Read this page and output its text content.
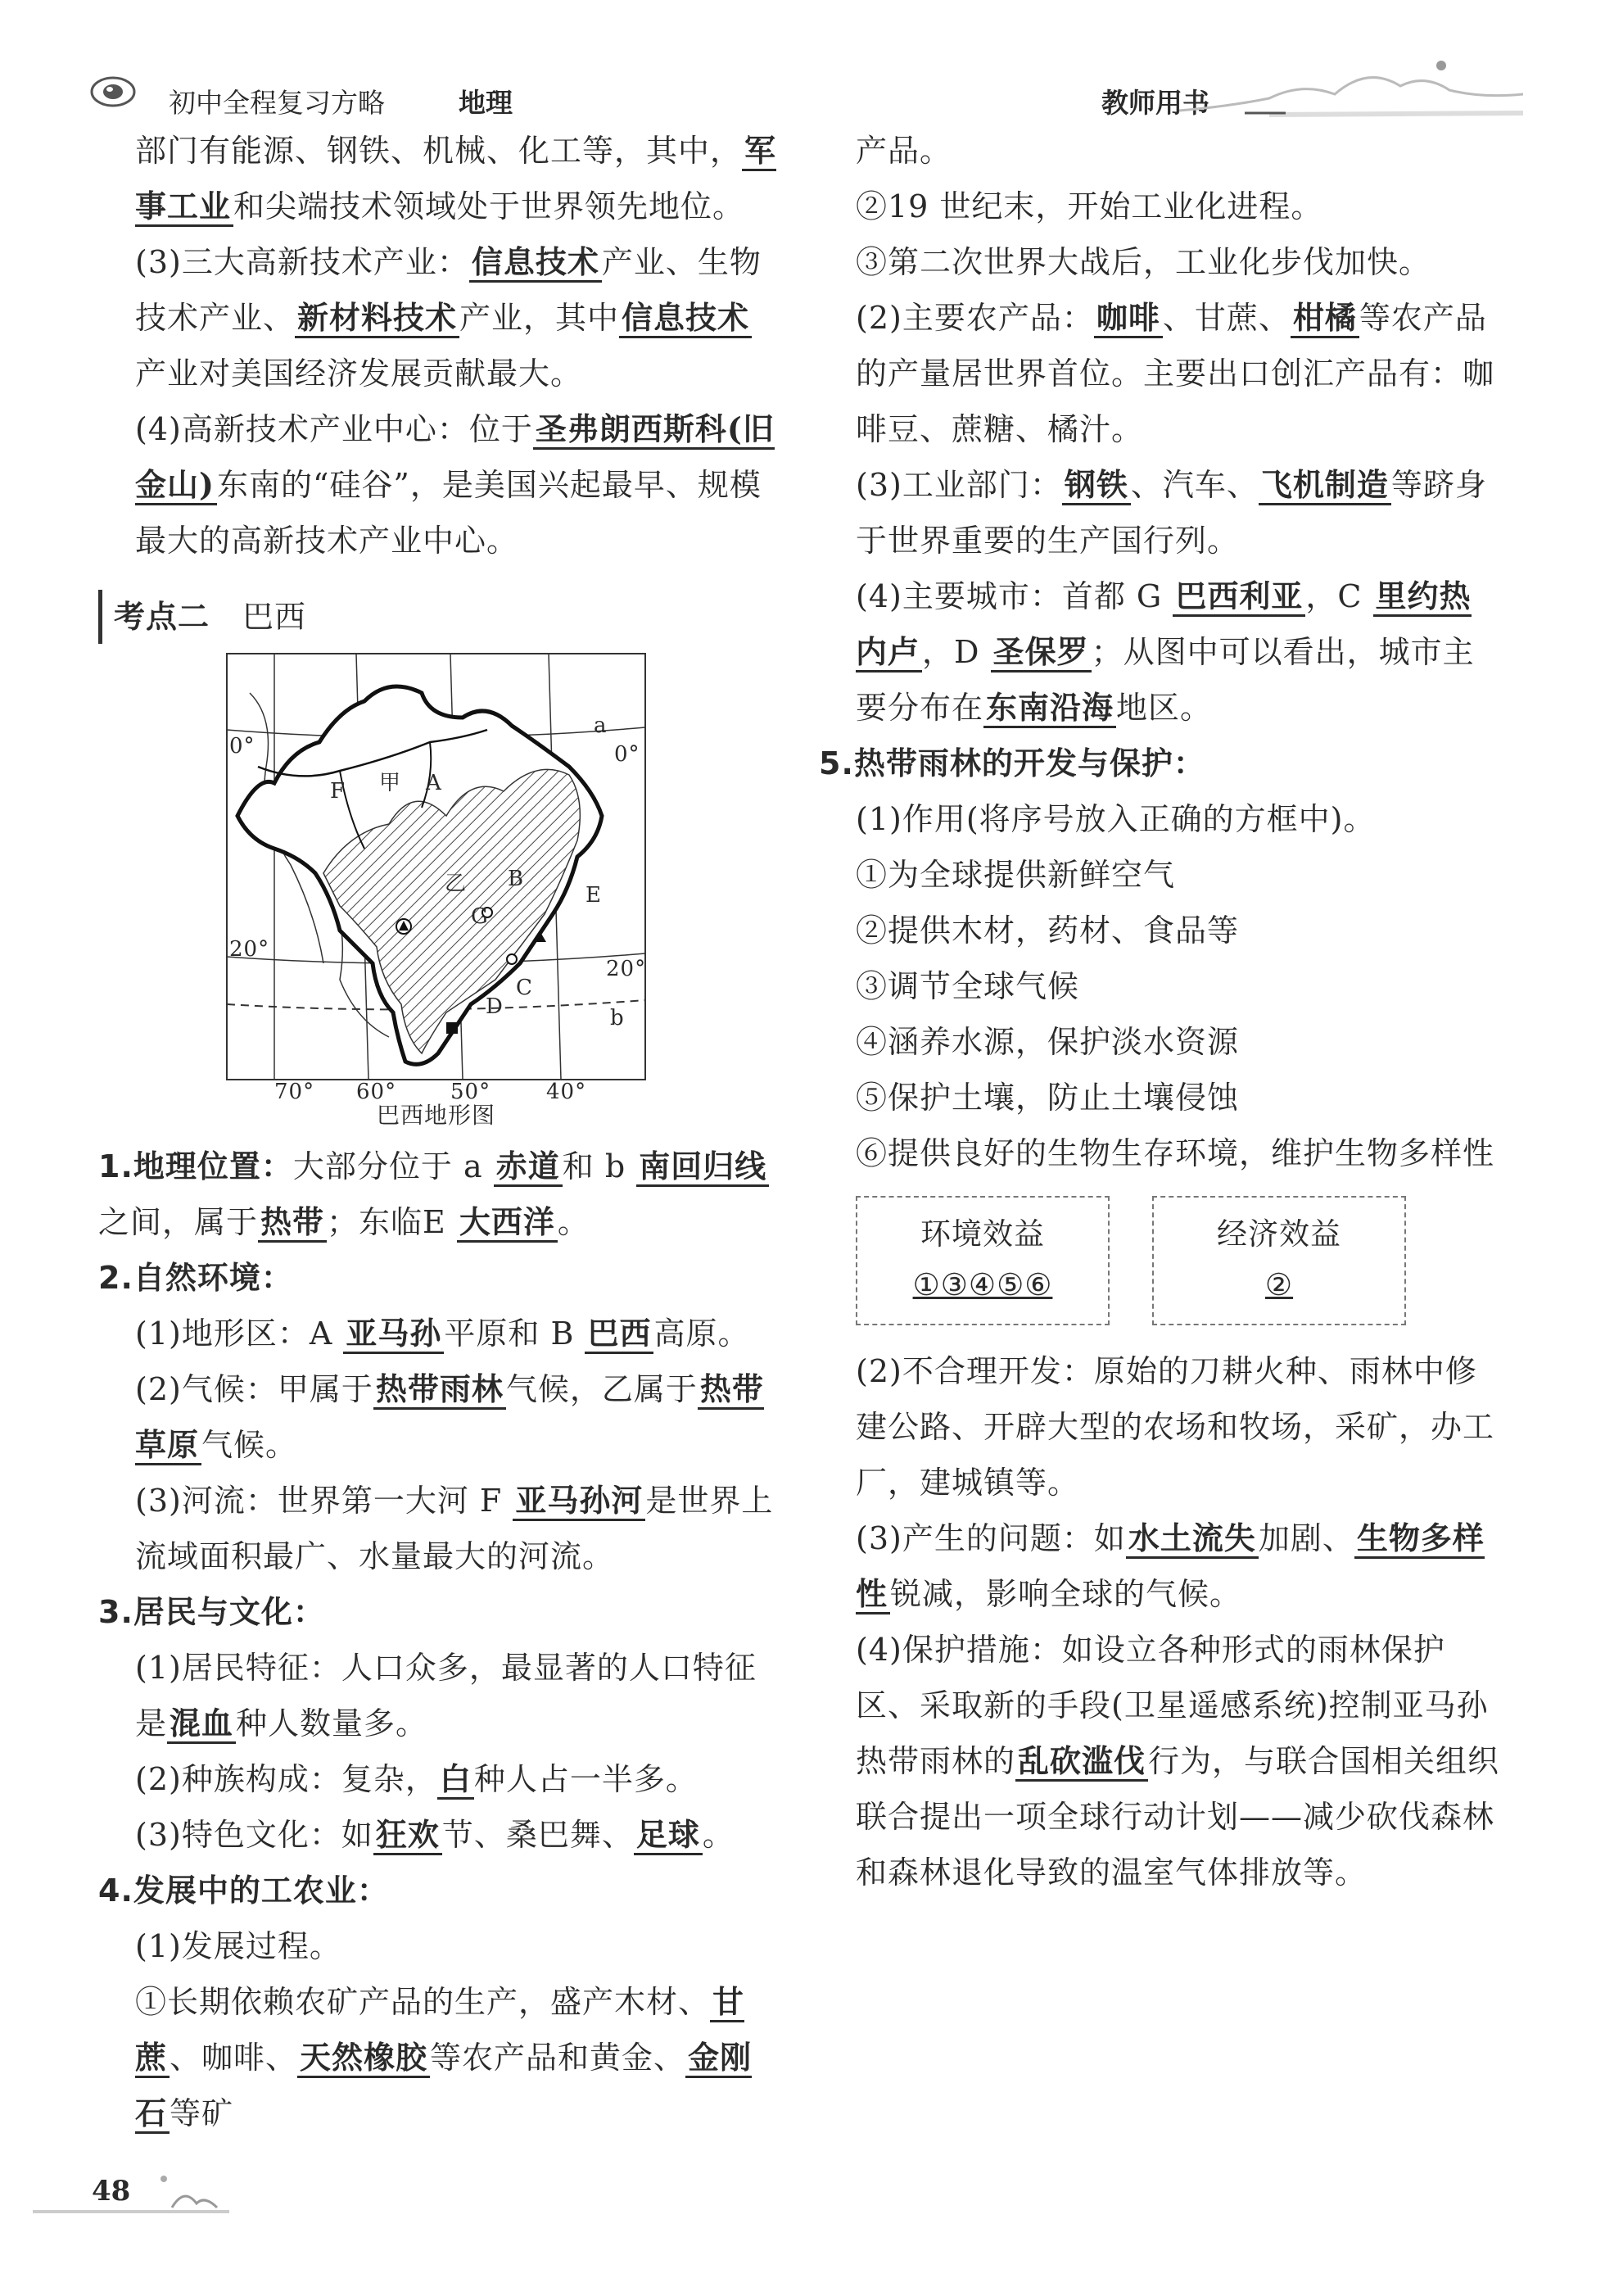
初中全程复习方略	地理	教师用书

部门有能源、钢铁、机械、化工等，其中，军事工业和尖端技术领域处于世界领先地位。

(3)三大高新技术产业：信息技术产业、生物技术产业、新材料技术产业，其中信息技术产业对美国经济发展贡献最大。

(4)高新技术产业中心：位于圣弗朗西斯科(旧金山)东南的“硅谷”，是美国兴起最早、规模最大的高新技术产业中心。

考点二 巴西
0°	0°
a
F 甲 A
乙 B
G
E
C
D
20°
20°
b
70° 60°	50°	40°
巴西地形图

1.地理位置：大部分位于 a 赤道和 b 南回归线之间，属于热带；东临E 大西洋。

2.自然环境：

(1)地形区：A 亚马孙平原和 B 巴西高原。

(2)气候：甲属于热带雨林气候，乙属于热带草原气候。

(3)河流：世界第一大河 F 亚马孙河是世界上流域面积最广、水量最大的河流。

3.居民与文化：

(1)居民特征：人口众多，最显著的人口特征是混血种人数量多。

(2)种族构成：复杂，白种人占一半多。

(3)特色文化：如狂欢节、桑巴舞、足球。

4.发展中的工农业：

(1)发展过程。

①长期依赖农矿产品的生产，盛产木材、甘蔗、咖啡、天然橡胶等农产品和黄金、金刚石等矿

产品。

②19 世纪末，开始工业化进程。

③第二次世界大战后，工业化步伐加快。

(2)主要农产品：咖啡、甘蔗、柑橘等农产品的产量居世界首位。主要出口创汇产品有：咖啡豆、蔗糖、橘汁。

(3)工业部门：钢铁、汽车、飞机制造等跻身于世界重要的生产国行列。

(4)主要城市：首都 G 巴西利亚，C 里约热内卢，D 圣保罗；从图中可以看出，城市主要分布在东南沿海地区。

5.热带雨林的开发与保护：

(1)作用(将序号放入正确的方框中)。

①为全球提供新鲜空气

②提供木材，药材、食品等

③调节全球气候

④涵养水源，保护淡水资源

⑤保护土壤，防止土壤侵蚀

⑥提供良好的生物生存环境，维护生物多样性

环境效益
①③④⑤⑥
经济效益
②

(2)不合理开发：原始的刀耕火种、雨林中修建公路、开辟大型的农场和牧场，采矿，办工厂，建城镇等。

(3)产生的问题：如水土流失加剧、生物多样性锐减，影响全球的气候。

(4)保护措施：如设立各种形式的雨林保护区、采取新的手段(卫星遥感系统)控制亚马孙热带雨林的乱砍滥伐行为，与联合国相关组织联合提出一项全球行动计划——减少砍伐森林和森林退化导致的温室气体排放等。

48
